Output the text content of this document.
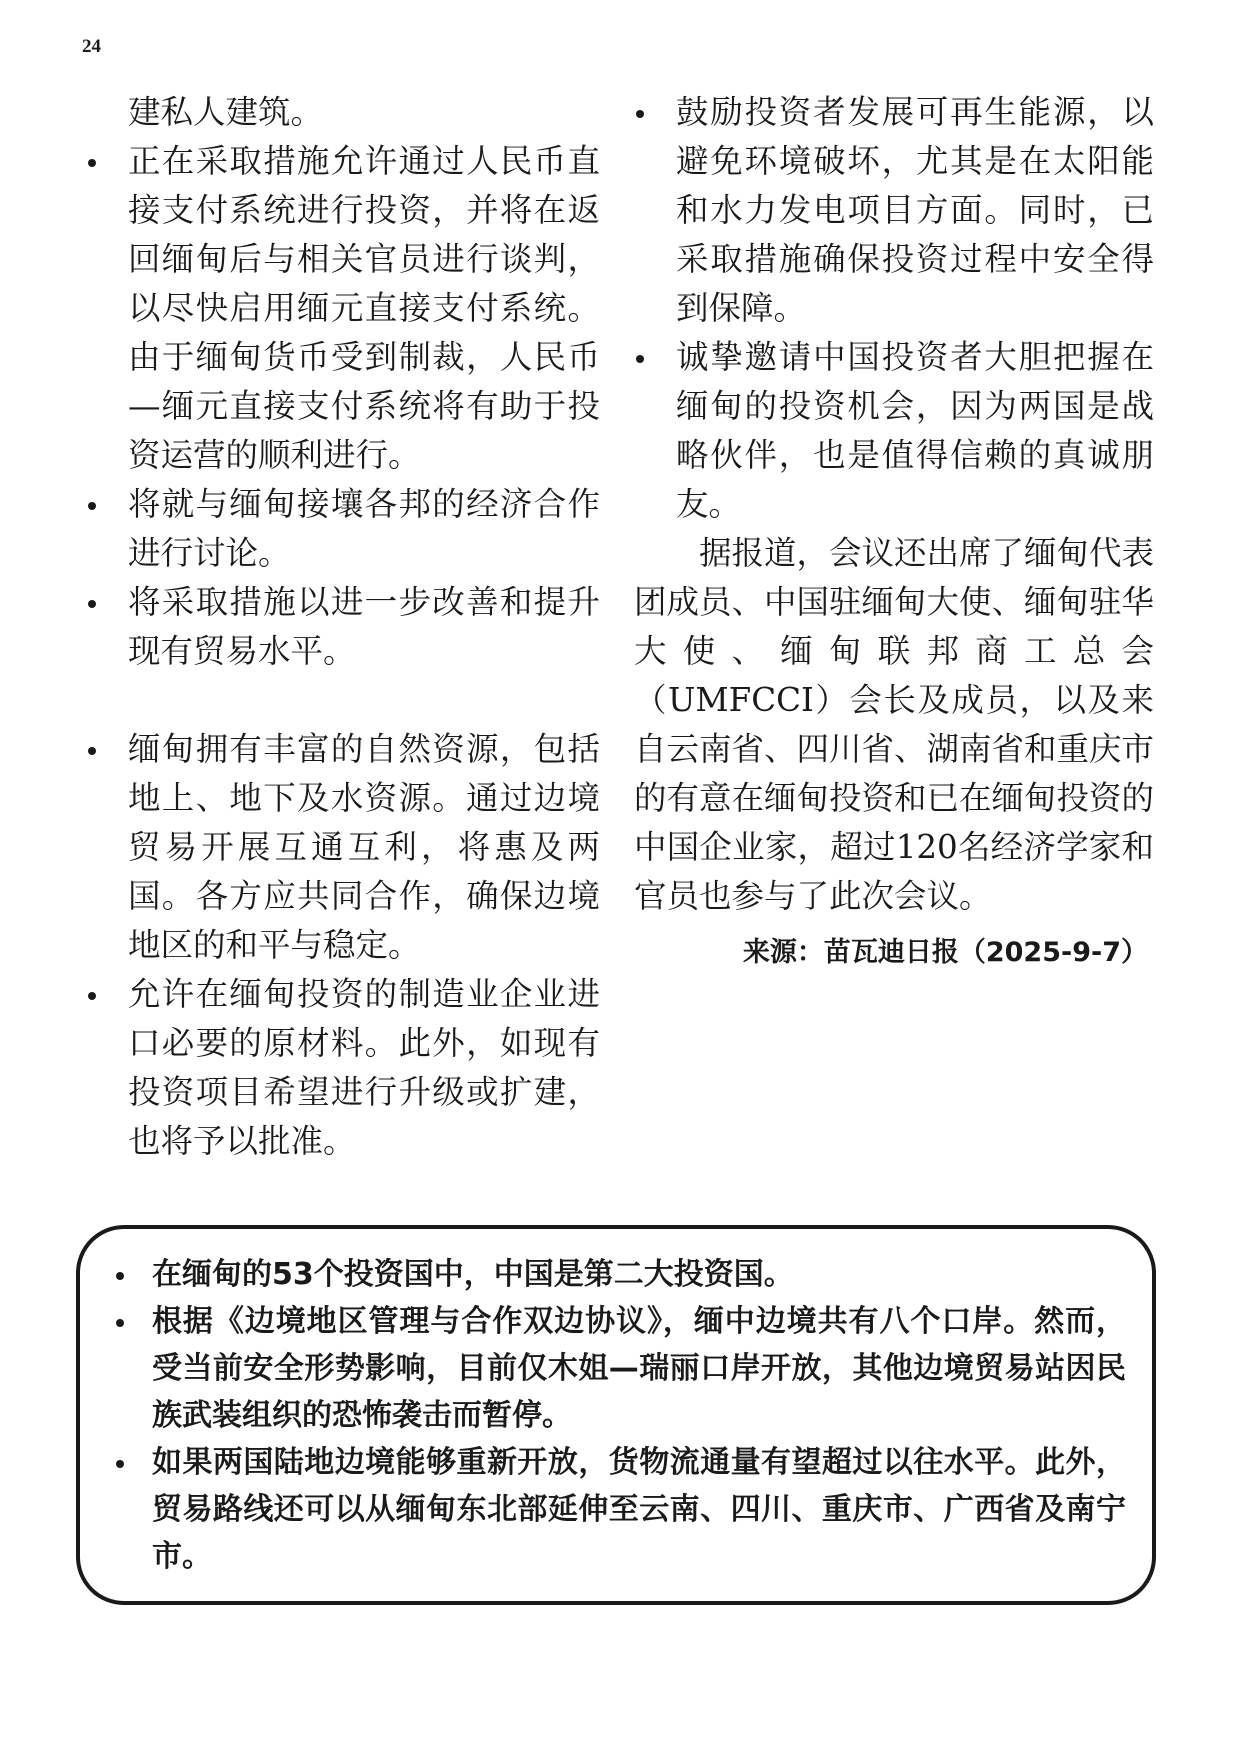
24

建私人建筑。

正在采取措施允许通过人民币直接支付系统进行投资，并将在返回缅甸后与相关官员进行谈判，以尽快启用缅元直接支付系统。由于缅甸货币受到制裁，人民币—缅元直接支付系统将有助于投资运营的顺利进行。
将就与缅甸接壤各邦的经济合作进行讨论。
将采取措施以进一步改善和提升现有贸易水平。
缅甸拥有丰富的自然资源，包括地上、地下及水资源。通过边境贸易开展互通互利，将惠及两国。各方应共同合作，确保边境地区的和平与稳定。
允许在缅甸投资的制造业企业进口必要的原材料。此外，如现有投资项目希望进行升级或扩建，也将予以批准。
鼓励投资者发展可再生能源，以避免环境破坏，尤其是在太阳能和水力发电项目方面。同时，已采取措施确保投资过程中安全得到保障。
诚挚邀请中国投资者大胆把握在缅甸的投资机会，因为两国是战略伙伴，也是值得信赖的真诚朋友。

据报道，会议还出席了缅甸代表团成员、中国驻缅甸大使、缅甸驻华大使、缅甸联邦商工总会（UMFCCI）会长及成员，以及来自云南省、四川省、湖南省和重庆市的有意在缅甸投资和已在缅甸投资的中国企业家，超过120名经济学家和官员也参与了此次会议。

来源：苗瓦迪日报（2025-9-7）
在缅甸的53个投资国中，中国是第二大投资国。
根据《边境地区管理与合作双边协议》，缅中边境共有八个口岸。然而，受当前安全形势影响，目前仅木姐—瑞丽口岸开放，其他边境贸易站因民族武装组织的恐怖袭击而暂停。
如果两国陆地边境能够重新开放，货物流通量有望超过以往水平。此外，贸易路线还可以从缅甸东北部延伸至云南、四川、重庆市、广西省及南宁市。
